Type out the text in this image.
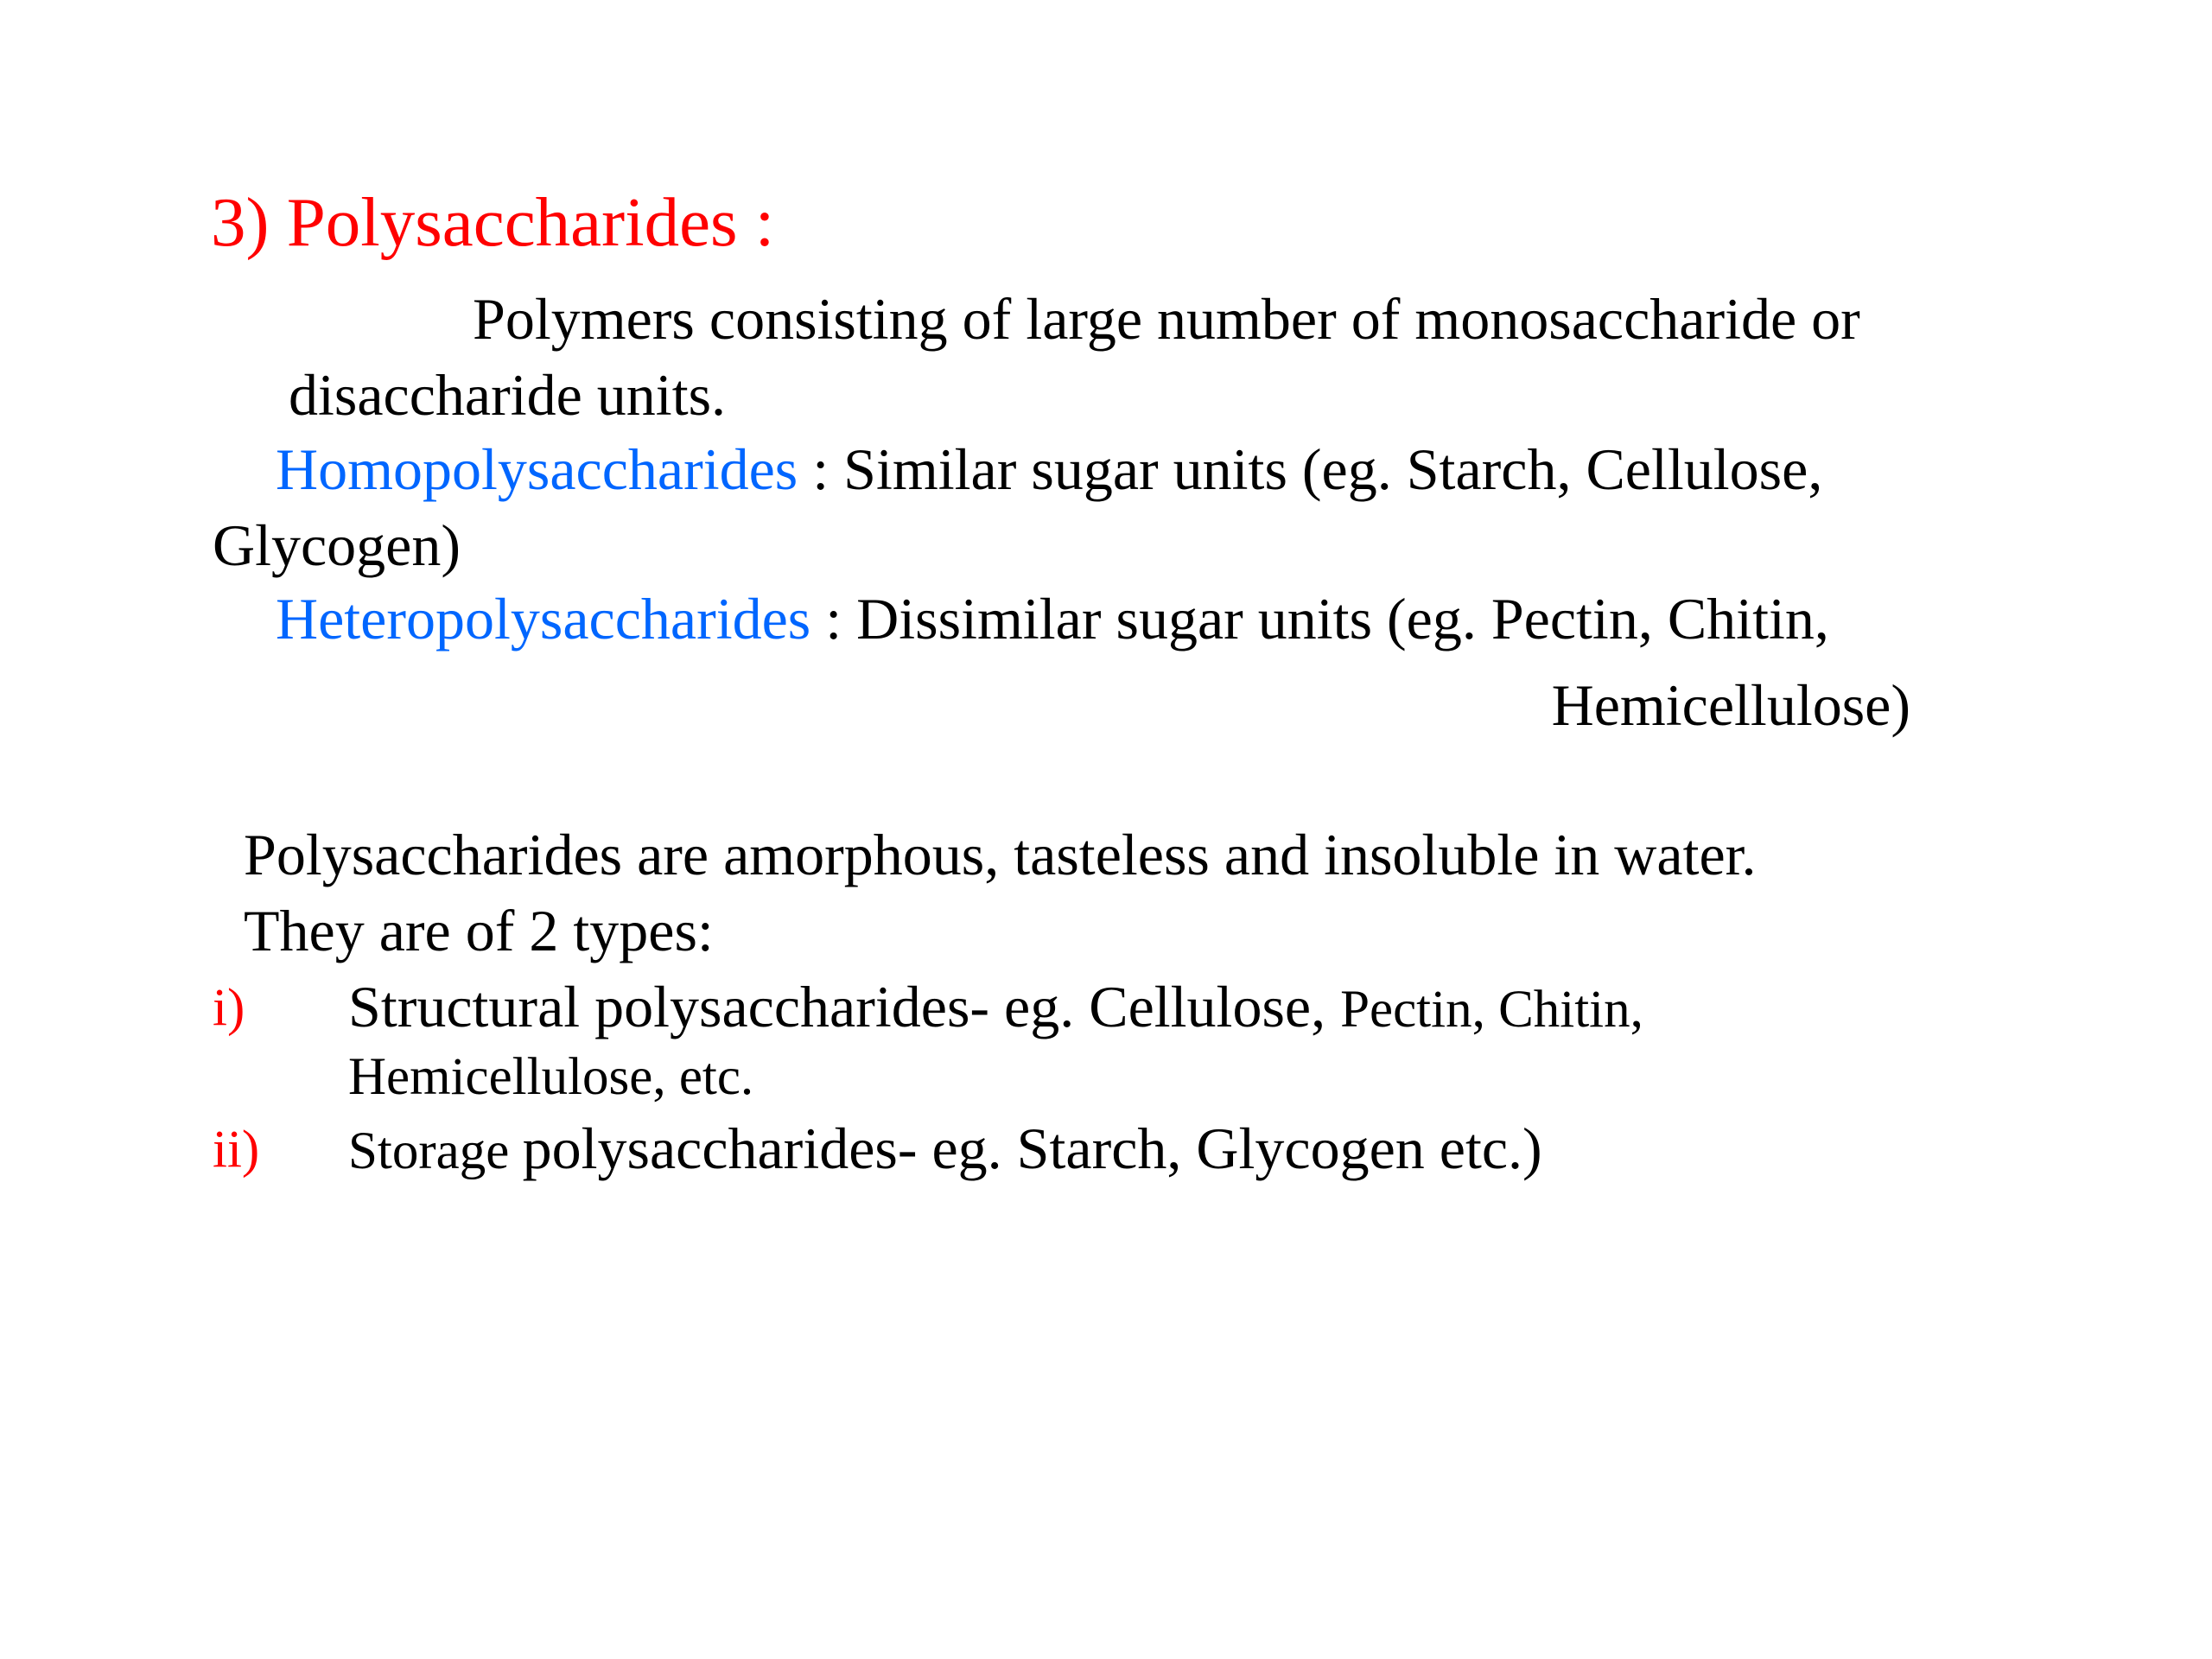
3) Polysaccharides :
Polymers consisting of large number of monosaccharide or
disaccharide units.
Homopolysaccharides : Similar sugar units (eg. Starch, Cellulose,
Glycogen)
Heteropolysaccharides : Dissimilar sugar units (eg. Pectin, Chitin,
Hemicellulose)
Polysaccharides are amorphous, tasteless and insoluble in water.
They are of 2 types:
i) Structural polysaccharides- eg. Cellulose, Pectin, Chitin,
Hemicellulose, etc.
ii) Storage polysaccharides- eg. Starch, Glycogen etc.)
